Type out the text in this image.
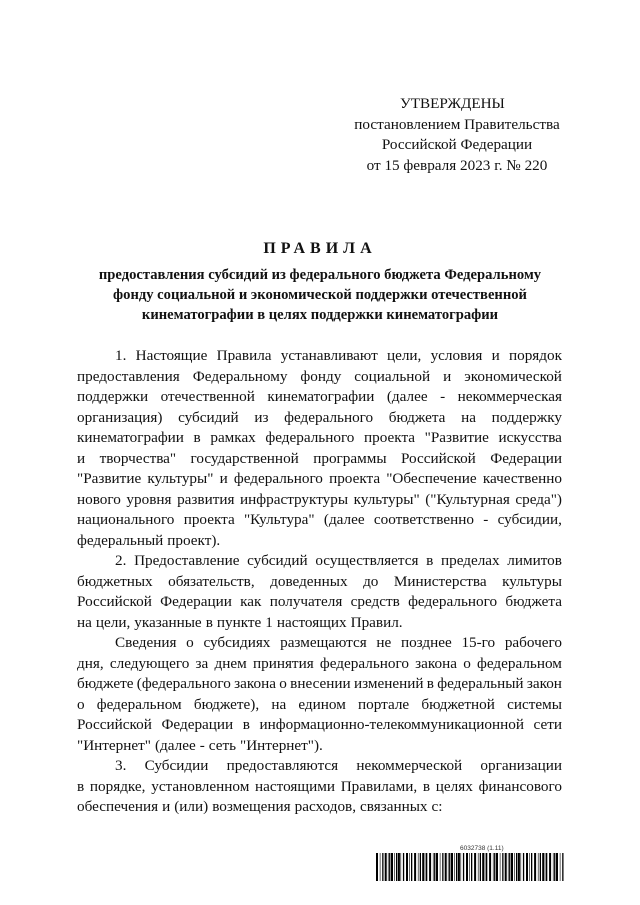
УТВЕРЖДЕНЫ
постановлением Правительства
Российской Федерации
от 15 февраля 2023 г. № 220
ПРАВИЛА
предоставления субсидий из федерального бюджета Федеральному
фонду социальной и экономической поддержки отечественной
кинематографии в целях поддержки кинематографии
1. Настоящие Правила устанавливают цели, условия и порядок
предоставления Федеральному фонду социальной и экономической
поддержки отечественной кинематографии (далее - некоммерческая
организация) субсидий из федерального бюджета на поддержку
кинематографии в рамках федерального проекта "Развитие искусства
и творчества" государственной программы Российской Федерации
"Развитие культуры" и федерального проекта "Обеспечение качественно
нового уровня развития инфраструктуры культуры" ("Культурная среда")
национального проекта "Культура" (далее соответственно - субсидии,
федеральный проект).
2. Предоставление субсидий осуществляется в пределах лимитов
бюджетных обязательств, доведенных до Министерства культуры
Российской Федерации как получателя средств федерального бюджета
на цели, указанные в пункте 1 настоящих Правил.
Сведения о субсидиях размещаются не позднее 15-го рабочего
дня, следующего за днем принятия федерального закона о федеральном
бюджете (федерального закона о внесении изменений в федеральный закон
о федеральном бюджете), на едином портале бюджетной системы
Российской Федерации в информационно-телекоммуникационной сети
"Интернет" (далее - сеть "Интернет").
3. Субсидии предоставляются некоммерческой организации
в порядке, установленном настоящими Правилами, в целях финансового
обеспечения и (или) возмещения расходов, связанных с:
6032738 (1.11)
